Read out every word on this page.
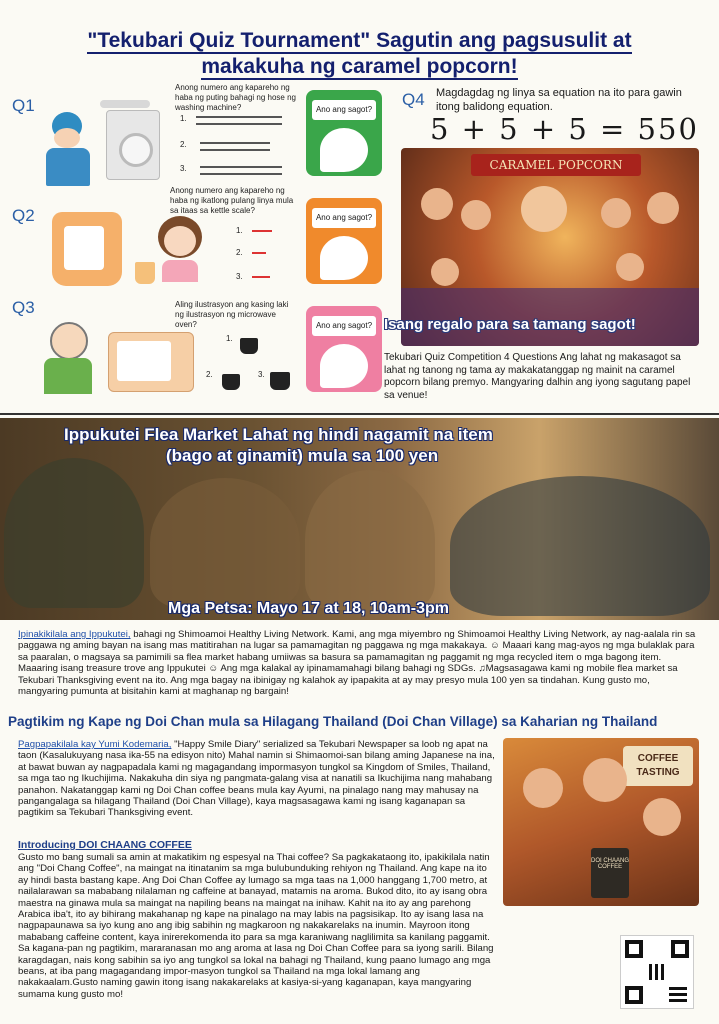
"Tekubari Quiz Tournament" Sagutin ang pagsusulit at
makakuha ng caramel popcorn!
Q1
Anong numero ang kapareho ng haba ng puting bahagi ng hose ng washing machine?
1.
2.
3.
Ano ang sagot?
Q2
Anong numero ang kapareho ng haba ng ikatlong pulang linya mula sa itaas sa kettle scale?
1.
2.
3.
Ano ang sagot?
Q3	Aling ilustrasyon ang kasing laki ng ilustrasyon ng microwave oven?
1.
2.	3.
Ano ang sagot?
Q4 Magdagdag ng linya sa equation na ito para gawin itong balidong equation.
5 + 5 + 5 = 550
CARAMEL POPCORN
Isang regalo para sa tamang sagot!
Tekubari Quiz Competition 4 Questions Ang lahat ng makasagot sa lahat ng tanong ng tama ay makakatanggap ng mainit na caramel popcorn bilang premyo. Mangyaring dalhin ang iyong sagutang papel sa venue!
Ippukutei Flea Market Lahat ng hindi nagamit na item
(bago at ginamit) mula sa 100 yen
Mga Petsa: Mayo 17 at 18, 10am-3pm
Ipinakikilala ang Ippukutei, bahagi ng Shimoamoi Healthy Living Network. Kami, ang mga miyembro ng Shimoamoi Healthy Living Network, ay nag-aalala rin sa paggawa ng aming bayan na isang mas matitirahan na lugar sa pamamagitan ng paggawa ng mga makakaya. ☺ Maaari kang mag-ayos ng mga bulaklak para sa paaralan, o magsaya sa pamimili sa flea market habang umiiwas sa basura sa pamamagitan ng paggamit ng mga recycled item o mga bagong item. Maaaring isang treasure trove ang Ippukutei ☺ Ang mga kalakal ay ipinamamahagi bilang bahagi ng SDGs. ♫Magsasagawa kami ng mobile flea market sa Tekubari Thanksgiving event na ito. Ang mga bagay na ibinigay ng kalahok ay ipapakita at ay may presyo mula 100 yen sa tindahan. Kung gusto mo, mangyaring pumunta at bisitahin kami at maghanap ng bargain!
Pagtikim ng Kape ng Doi Chan mula sa Hilagang Thailand (Doi Chan Village) sa Kaharian ng Thailand
COFFEE TASTING
DOI CHAANG COFFEE
Pagpapakilala kay Yumi Kodemaria, "Happy Smile Diary" serialized sa Tekubari Newspaper sa loob ng apat na taon (Kasalukuyang nasa ika-55 na edisyon nito) Mahal namin si Shimaomoi-san bilang aming Japanese na ina, at bawat buwan ay nagpapadala kami ng magagandang impormasyon tungkol sa Kingdom of Smiles, Thailand, sa mga tao ng Ikuchijima. Nakakuha din siya ng pangmata-galang visa at nanatili sa Ikuchijima nang mahabang panahon. Nakatanggap kami ng Doi Chan coffee beans mula kay Ayumi, na pinalago nang may mahusay na pangangalaga sa hilagang Thailand (Doi Chan Village), kaya magsasagawa kami ng isang kaganapan sa pagtikim sa Tekubari Thanksgiving event.
Introducing DOI CHAANG COFFEE
Gusto mo bang sumali sa amin at makatikim ng espesyal na Thai coffee? Sa pagkakataong ito, ipakikilala natin ang "Doi Chang Coffee", na maingat na itinatanim sa mga bulubunduking rehiyon ng Thailand. Ang kape na ito ay hindi basta bastang kape. Ang Doi Chan Coffee ay lumago sa mga taas na 1,000 hanggang 1,700 metro, at nailalarawan sa mababang nilalaman ng caffeine at banayad, matamis na aroma. Bukod dito, ito ay isang obra maestra na ginawa mula sa maingat na napiling beans na maingat na inihaw. Kahit na ito ay ang parehong Arabica iba't, ito ay bihirang makahanap ng kape na pinalago na may labis na pagsisikap. Ito ay isang lasa na nagpapaunawa sa iyo kung ano ang ibig sabihin ng magkaroon ng nakakarelaks na inumin. Mayroon itong mababang caffeine content, kaya inirerekomenda ito para sa mga karaniwang naglilimita sa kanilang paggamit. Sa kagana-pan ng pagtikim, mararanasan mo ang aroma at lasa ng Doi Chan Coffee para sa iyong sarili. Bilang karagdagan, nais kong sabihin sa iyo ang tungkol sa lokal na bahagi ng Thailand, kung paano lumago ang mga beans, at iba pang magagandang impor-masyon tungkol sa Thailand na mga lokal lamang ang nakakaalam.Gusto naming gawin itong isang nakakarelaks at kasiya-si-yang kaganapan, kaya mangyaring sumama kung gusto mo!
